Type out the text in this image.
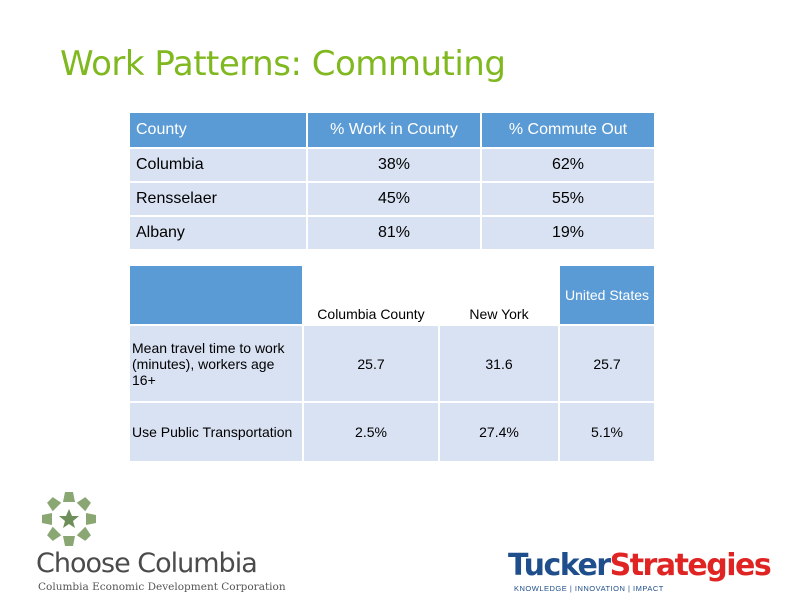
Work Patterns: Commuting
County	% Work in County	% Commute Out
Columbia	38%	62%
Rensselaer	45%	55%
Albany	81%	19%
	Columbia County	New York	United States
Mean travel time to work (minutes), workers age 16+	25.7	31.6	25.7
Use Public Transportation	2.5%	27.4%	5.1%
Choose Columbia
Columbia Economic Development Corporation
TuckerStrategies
KNOWLEDGE | INNOVATION | IMPACT
